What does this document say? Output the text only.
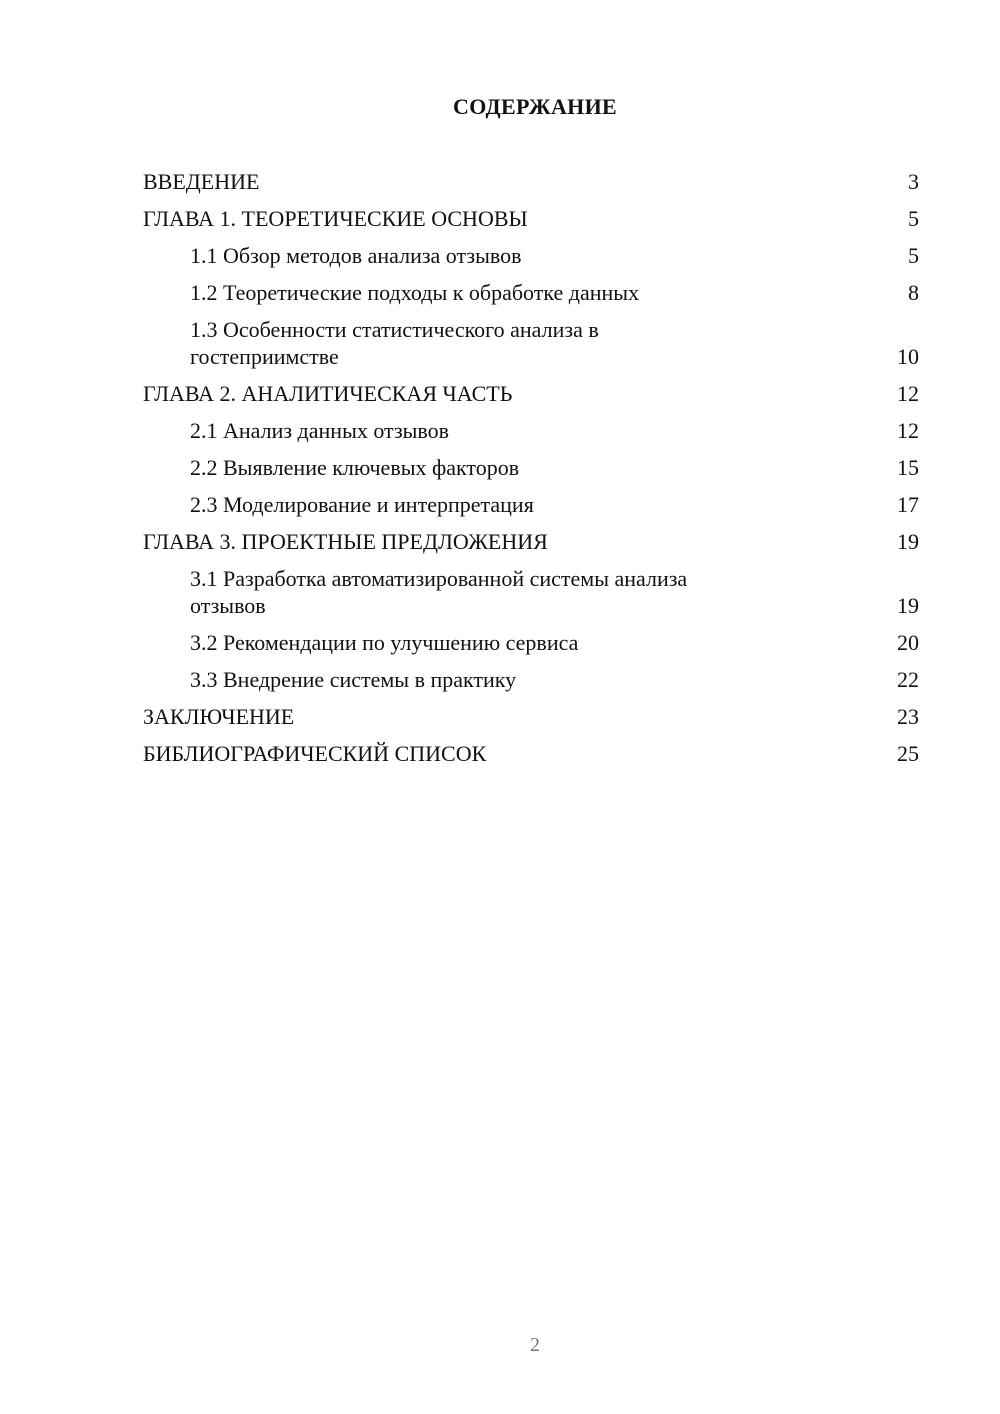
СОДЕРЖАНИЕ
ВВЕДЕНИЕ	3
ГЛАВА 1. ТЕОРЕТИЧЕСКИЕ ОСНОВЫ	5
1.1 Обзор методов анализа отзывов	5
1.2 Теоретические подходы к обработке данных	8
1.3 Особенности статистического анализа в
гостеприимстве	10
ГЛАВА 2. АНАЛИТИЧЕСКАЯ ЧАСТЬ	12
2.1 Анализ данных отзывов	12
2.2 Выявление ключевых факторов	15
2.3 Моделирование и интерпретация	17
ГЛАВА 3. ПРОЕКТНЫЕ ПРЕДЛОЖЕНИЯ	19
3.1 Разработка автоматизированной системы анализа
отзывов	19
3.2 Рекомендации по улучшению сервиса	20
3.3 Внедрение системы в практику	22
ЗАКЛЮЧЕНИЕ	23
БИБЛИОГРАФИЧЕСКИЙ СПИСОК	25
2
